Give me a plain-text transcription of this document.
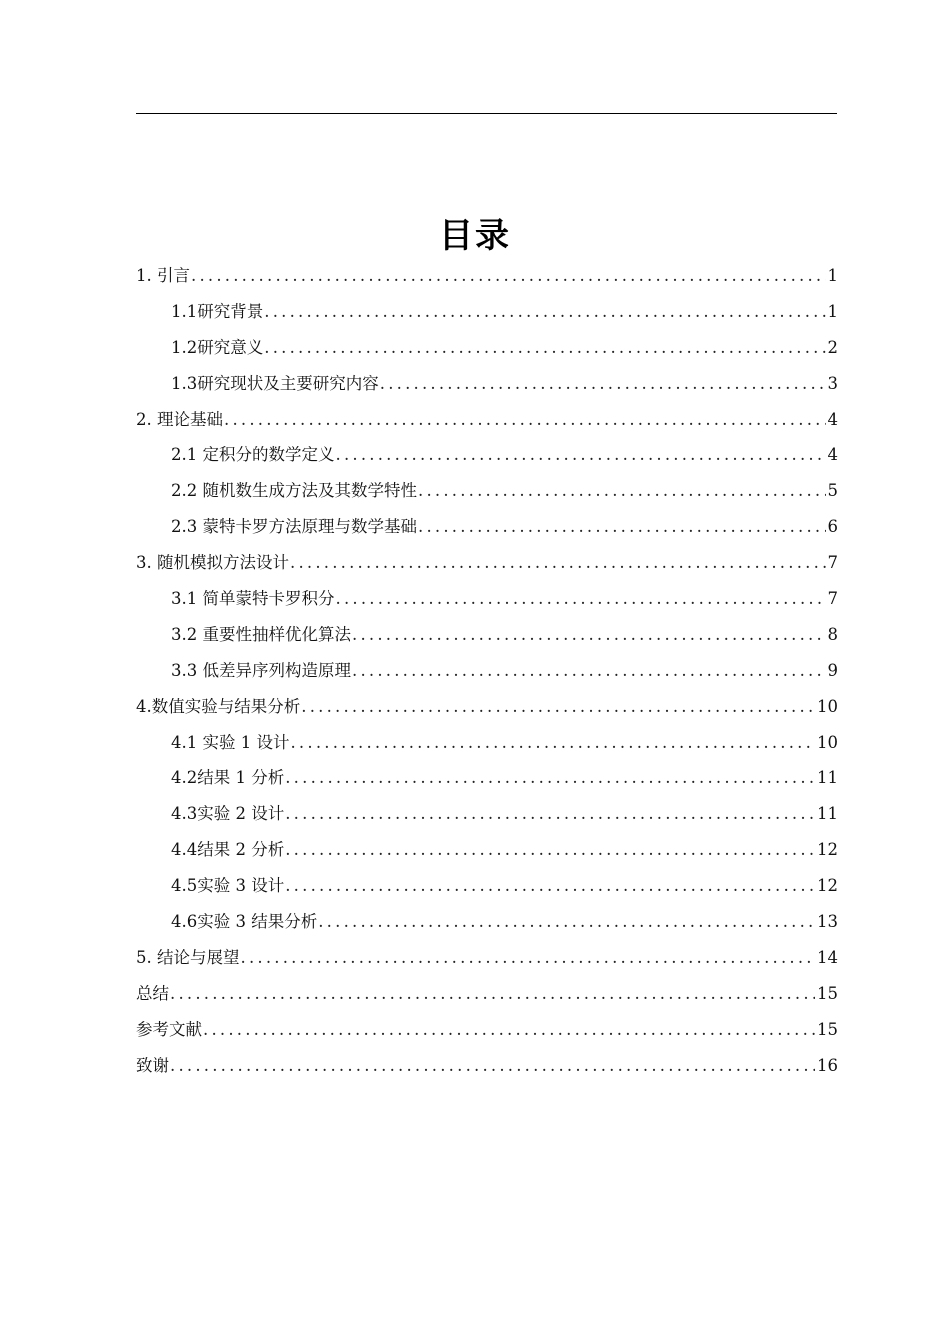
目录
1. 引言 .....	1
1.1研究背景 .....	1
1.2研究意义 .....	2
1.3研究现状及主要研究内容 .....	3
2. 理论基础 .....	4
2.1 定积分的数学定义 .....	4
2.2 随机数生成方法及其数学特性 .....	5
2.3 蒙特卡罗方法原理与数学基础 .....	6
3. 随机模拟方法设计 .....	7
3.1 简单蒙特卡罗积分 .....	7
3.2 重要性抽样优化算法 .....	8
3.3 低差异序列构造原理 .....	9
4.数值实验与结果分析 .....	10
4.1 实验 1 设计 .....	10
4.2结果 1 分析 .....	11
4.3实验 2 设计 .....	11
4.4结果 2 分析 .....	12
4.5实验 3 设计 .....	12
4.6实验 3 结果分析 .....	13
5. 结论与展望 .....	14
总结 .....	15
参考文献 .....	15
致谢 .....	16
